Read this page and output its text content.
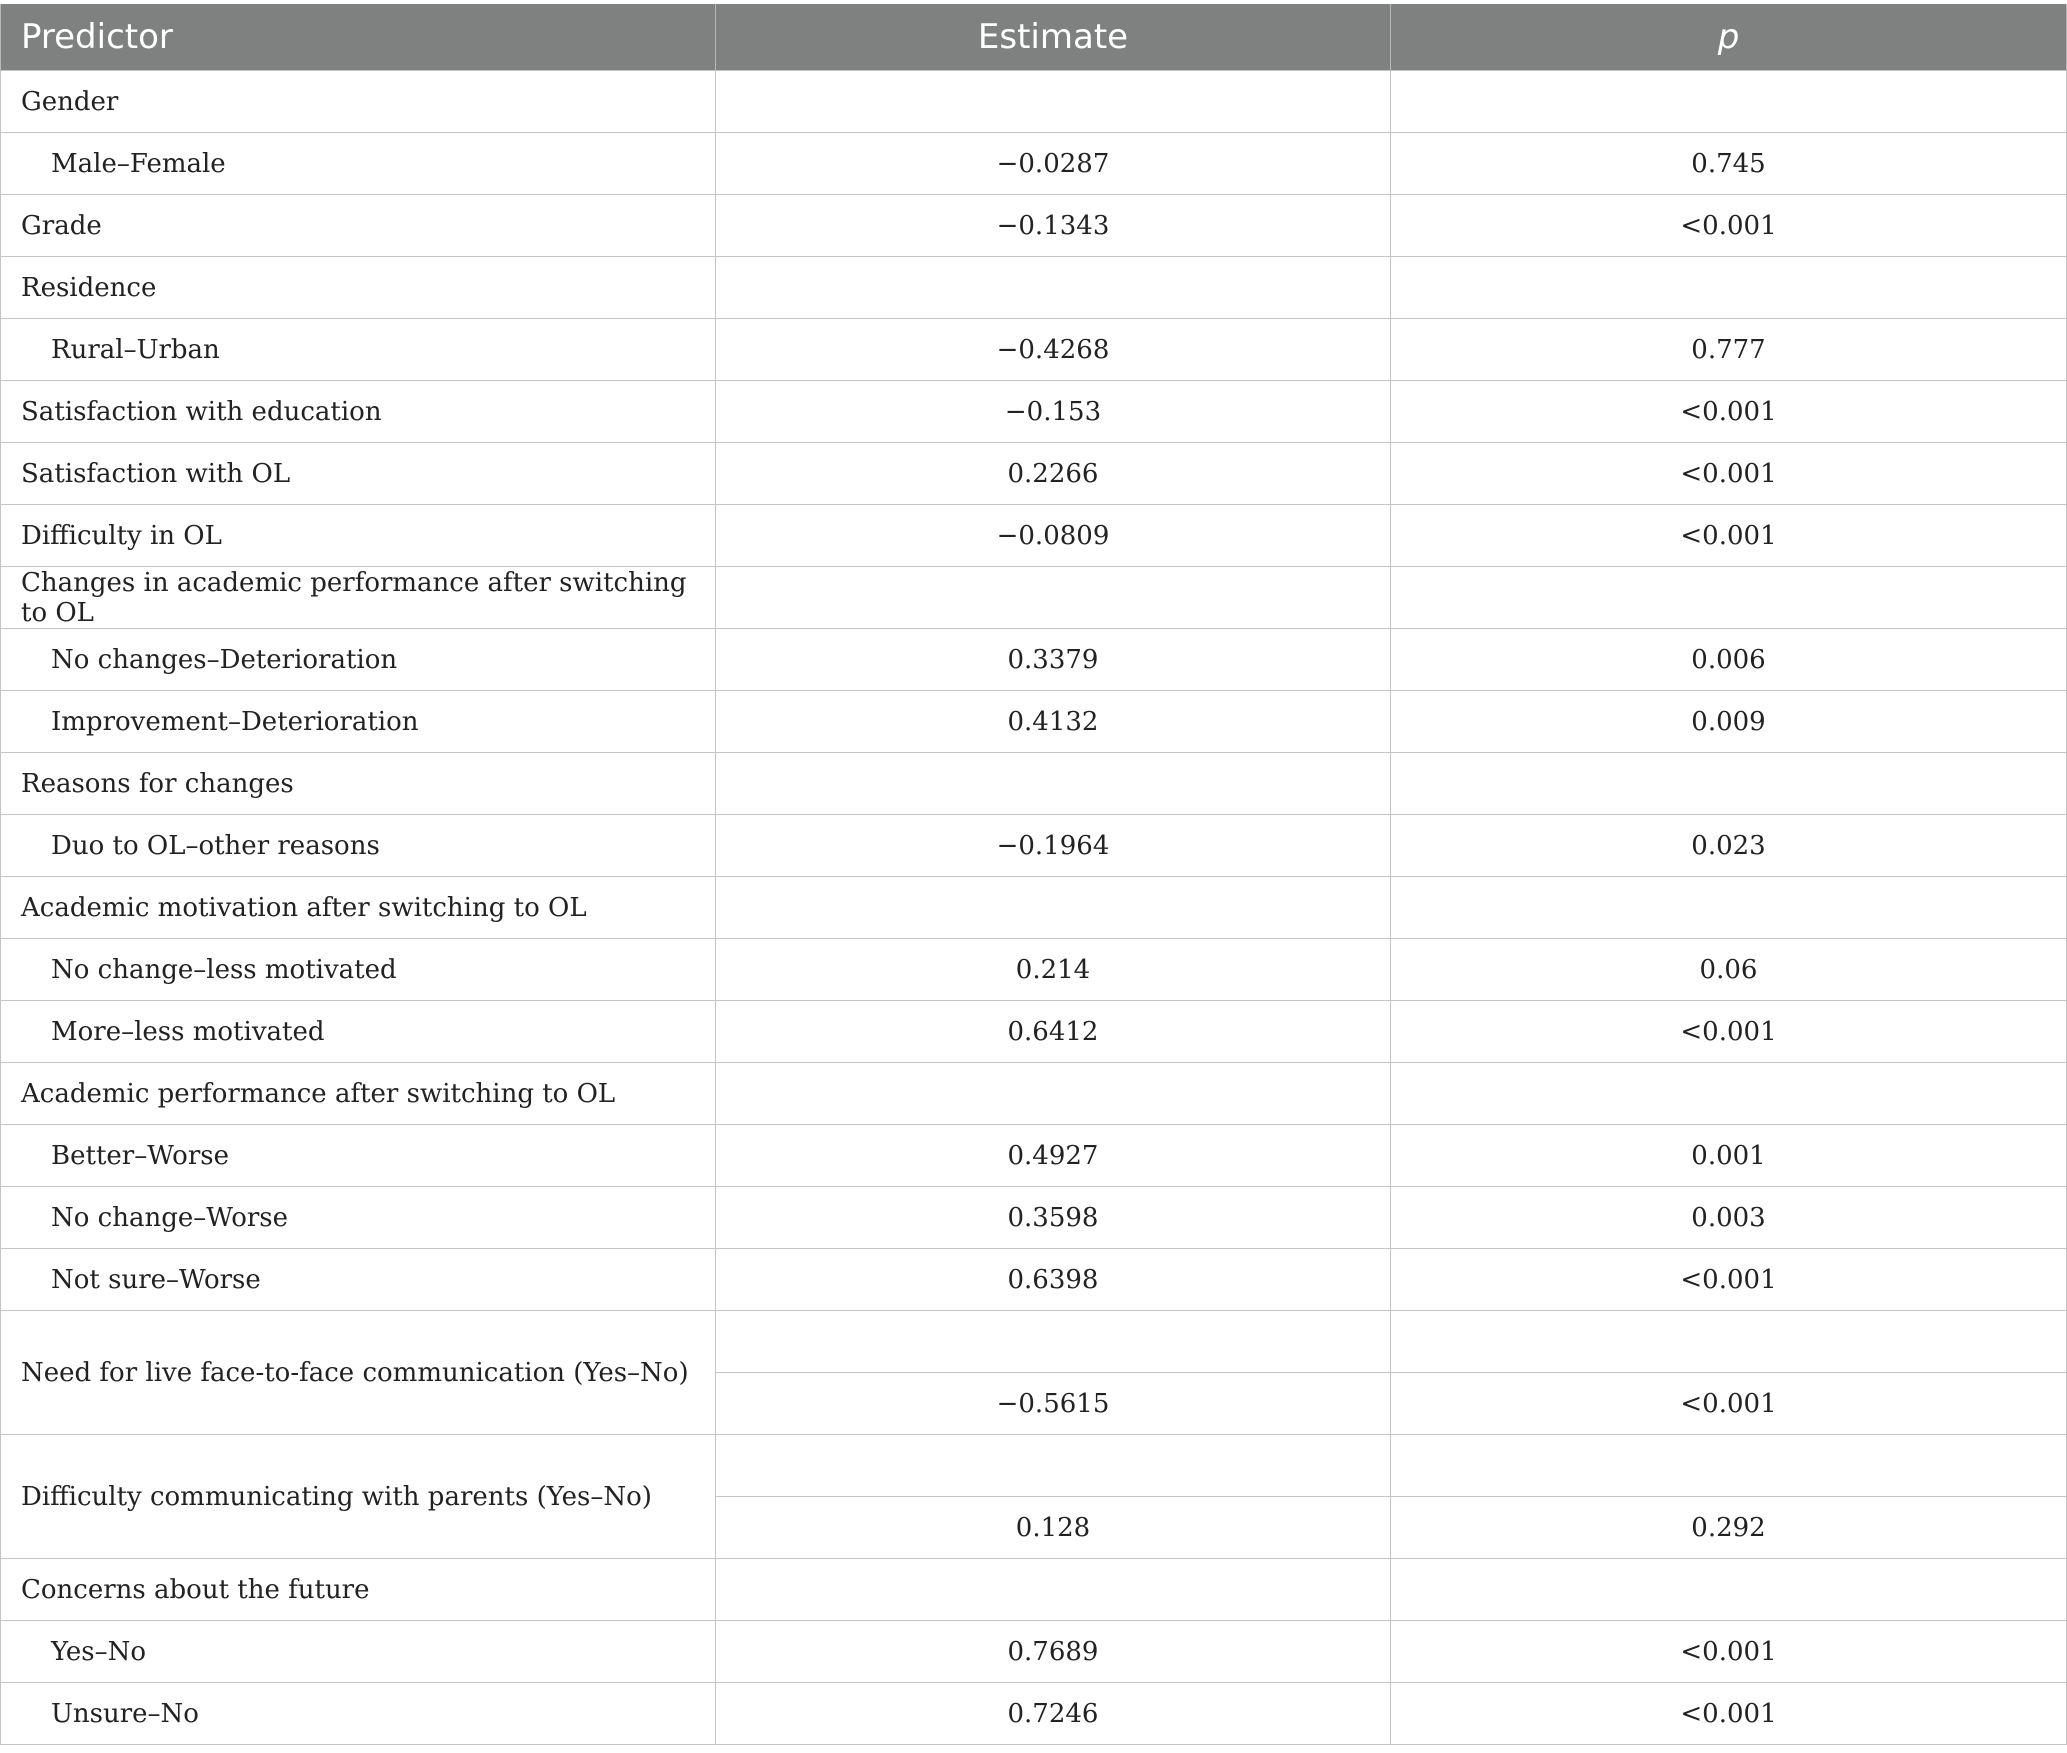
Predictor	Estimate	p
Gender		
Male–Female	−0.0287	0.745
Grade	−0.1343	<0.001
Residence		
Rural–Urban	−0.4268	0.777
Satisfaction with education	−0.153	<0.001
Satisfaction with OL	0.2266	<0.001
Difficulty in OL	−0.0809	<0.001
Changes in academic performance after switching to OL		
No changes–Deterioration	0.3379	0.006
Improvement–Deterioration	0.4132	0.009
Reasons for changes		
Duo to OL–other reasons	−0.1964	0.023
Academic motivation after switching to OL		
No change–less motivated	0.214	0.06
More–less motivated	0.6412	<0.001
Academic performance after switching to OL		
Better–Worse	0.4927	0.001
No change–Worse	0.3598	0.003
Not sure–Worse	0.6398	<0.001
Need for live face-to-face communication (Yes–No)		
	−0.5615	<0.001
Difficulty communicating with parents (Yes–No)		
	0.128	0.292
Concerns about the future		
Yes–No	0.7689	<0.001
Unsure–No	0.7246	<0.001
